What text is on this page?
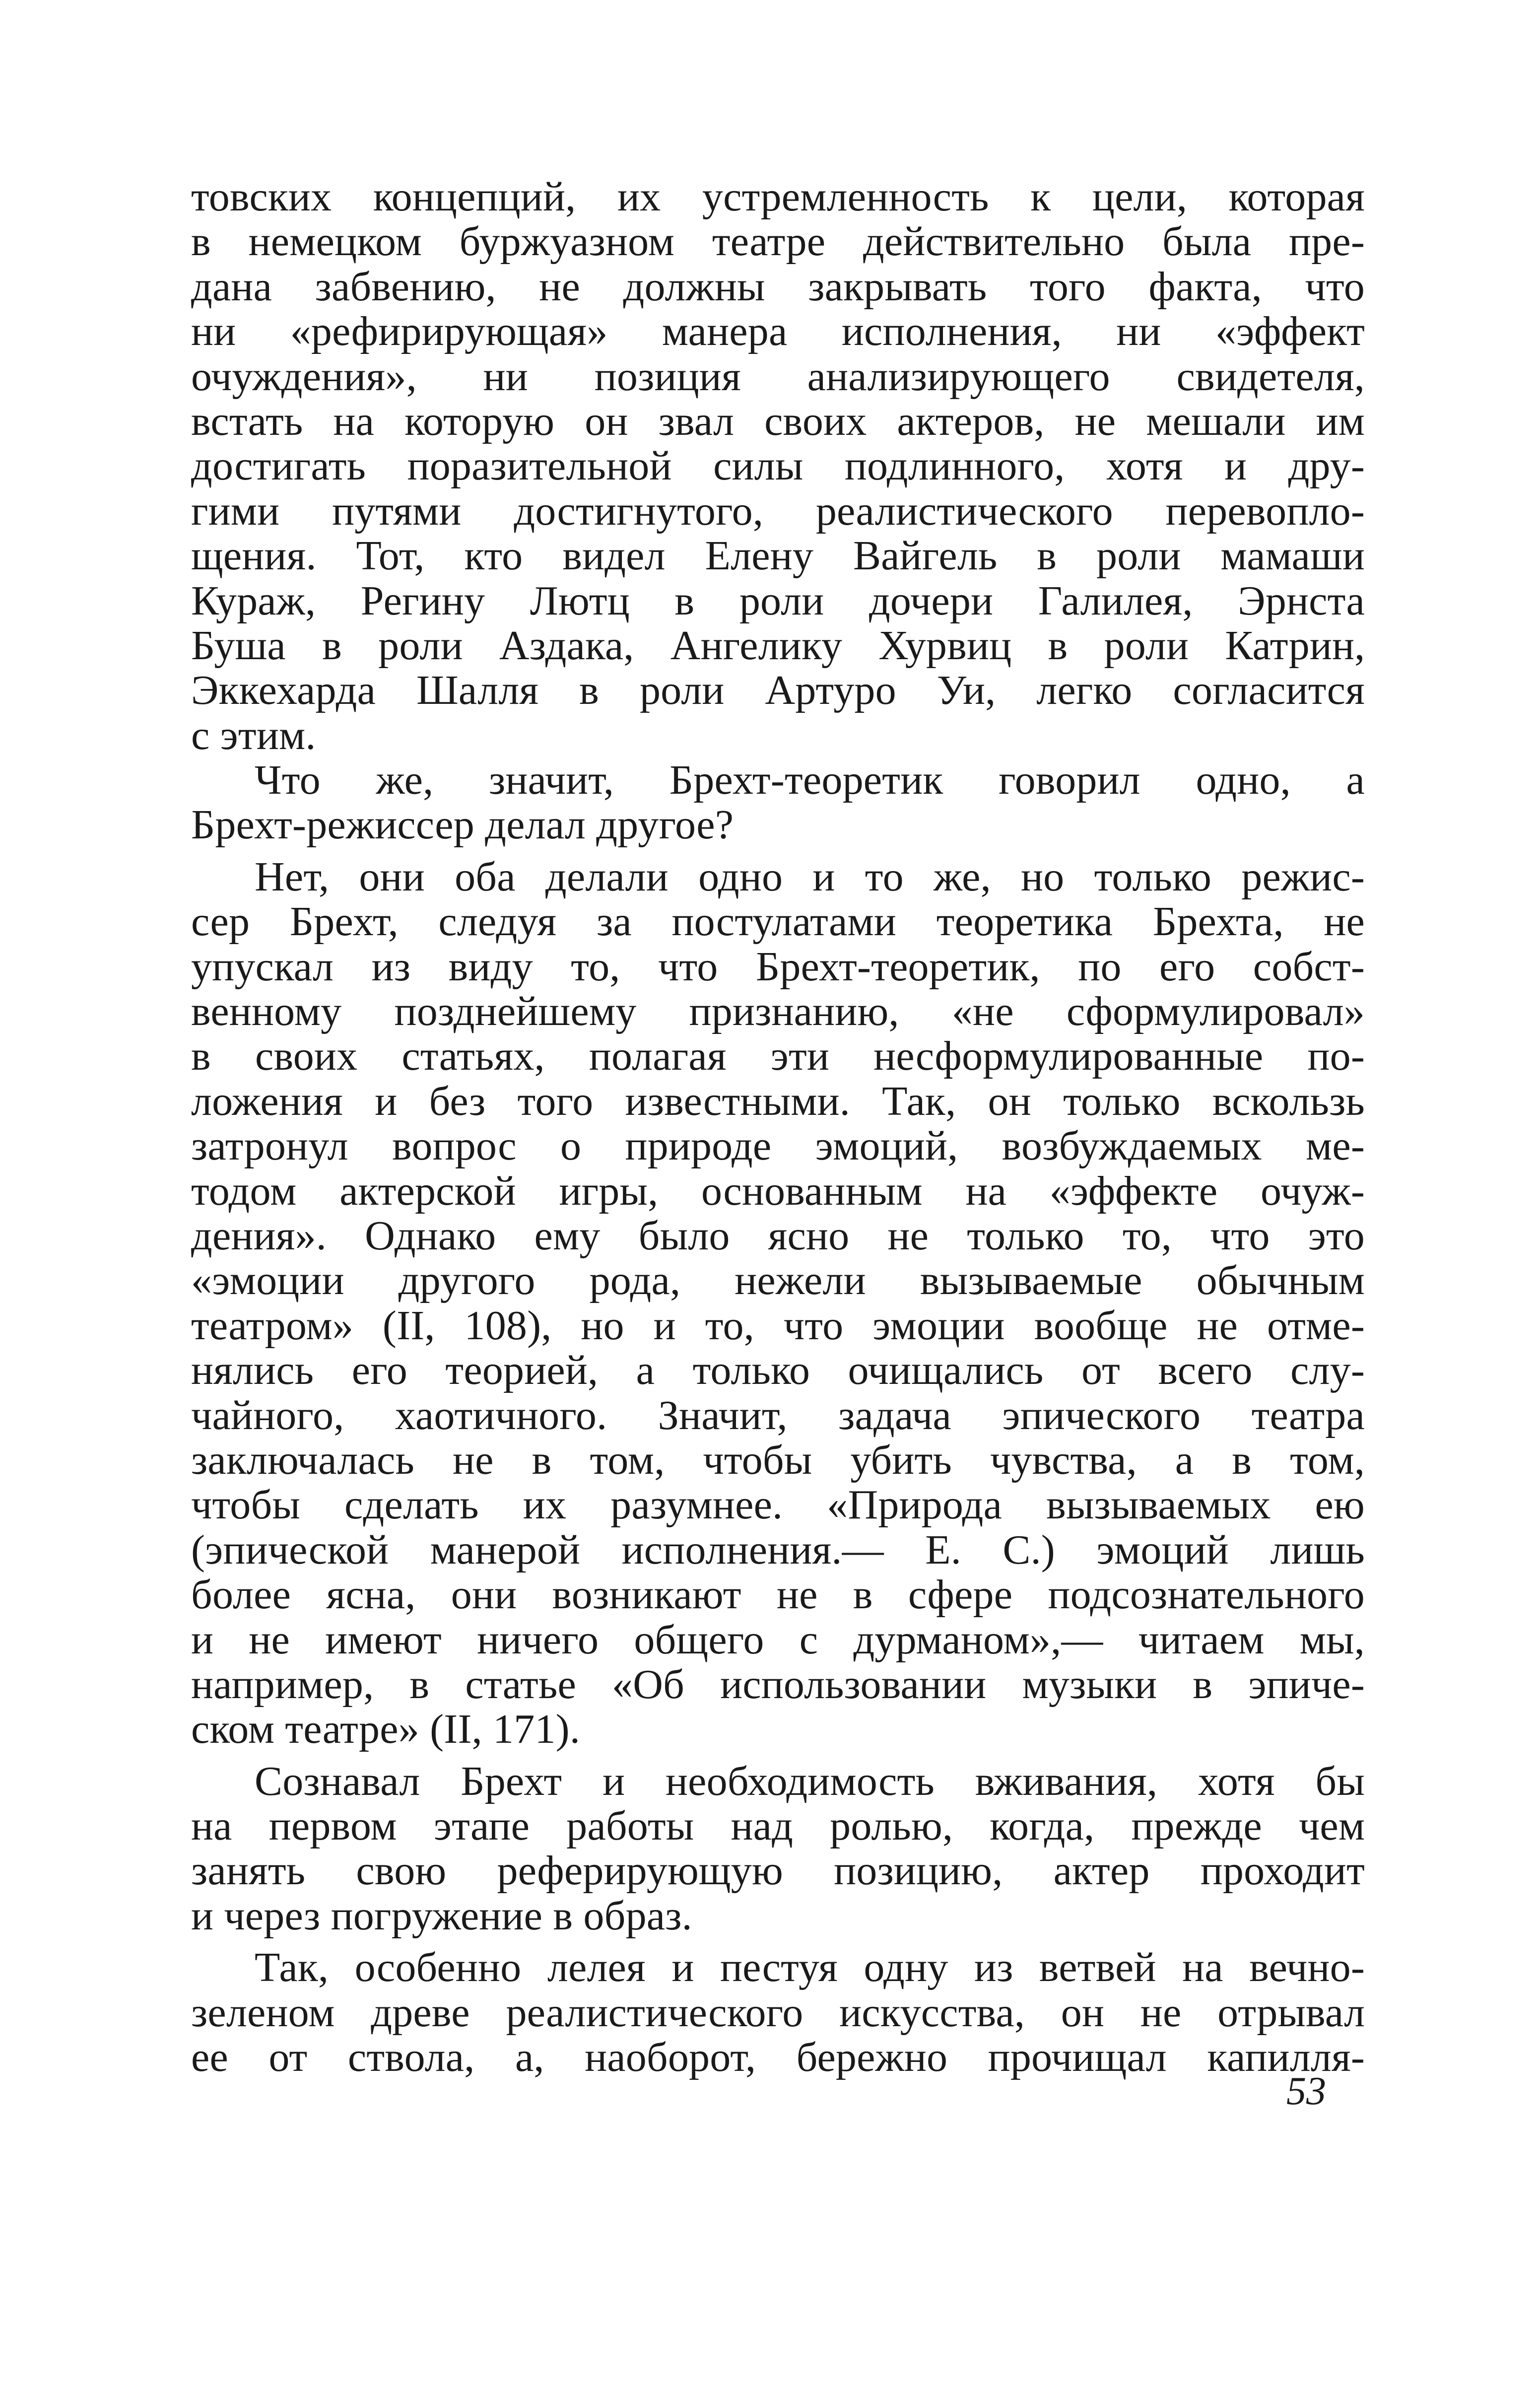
товских концепций, их устремленность к цели, которая
в немецком буржуазном театре действительно была пре-
дана забвению, не должны закрывать того факта, что
ни «рефирирующая» манера исполнения, ни «эффект
очуждения», ни позиция анализирующего свидетеля,
встать на которую он звал своих актеров, не мешали им
достигать поразительной силы подлинного, хотя и дру-
гими путями достигнутого, реалистического перевопло-
щения. Тот, кто видел Елену Вайгель в роли мамаши
Кураж, Регину Лютц в роли дочери Галилея, Эрнста
Буша в роли Аздака, Ангелику Хурвиц в роли Катрин,
Эккехарда Шалля в роли Артуро Уи, легко согласится
с этим.
Что же, значит, Брехт-теоретик говорил одно, а
Брехт-режиссер делал другое?
Нет, они оба делали одно и то же, но только режис-
сер Брехт, следуя за постулатами теоретика Брехта, не
упускал из виду то, что Брехт-теоретик, по его собст-
венному позднейшему признанию, «не сформулировал»
в своих статьях, полагая эти несформулированные по-
ложения и без того известными. Так, он только вскользь
затронул вопрос о природе эмоций, возбуждаемых ме-
тодом актерской игры, основанным на «эффекте очуж-
дения». Однако ему было ясно не только то, что это
«эмоции другого рода, нежели вызываемые обычным
театром» (II, 108), но и то, что эмоции вообще не отме-
нялись его теорией, а только очищались от всего слу-
чайного, хаотичного. Значит, задача эпического театра
заключалась не в том, чтобы убить чувства, а в том,
чтобы сделать их разумнее. «Природа вызываемых ею
(эпической манерой исполнения.— Е. С.) эмоций лишь
более ясна, они возникают не в сфере подсознательного
и не имеют ничего общего с дурманом»,— читаем мы,
например, в статье «Об использовании музыки в эпиче-
ском театре» (II, 171).
Сознавал Брехт и необходимость вживания, хотя бы
на первом этапе работы над ролью, когда, прежде чем
занять свою реферирующую позицию, актер проходит
и через погружение в образ.
Так, особенно лелея и пестуя одну из ветвей на вечно-
зеленом древе реалистического искусства, он не отрывал
ее от ствола, а, наоборот, бережно прочищал капилля-
53
